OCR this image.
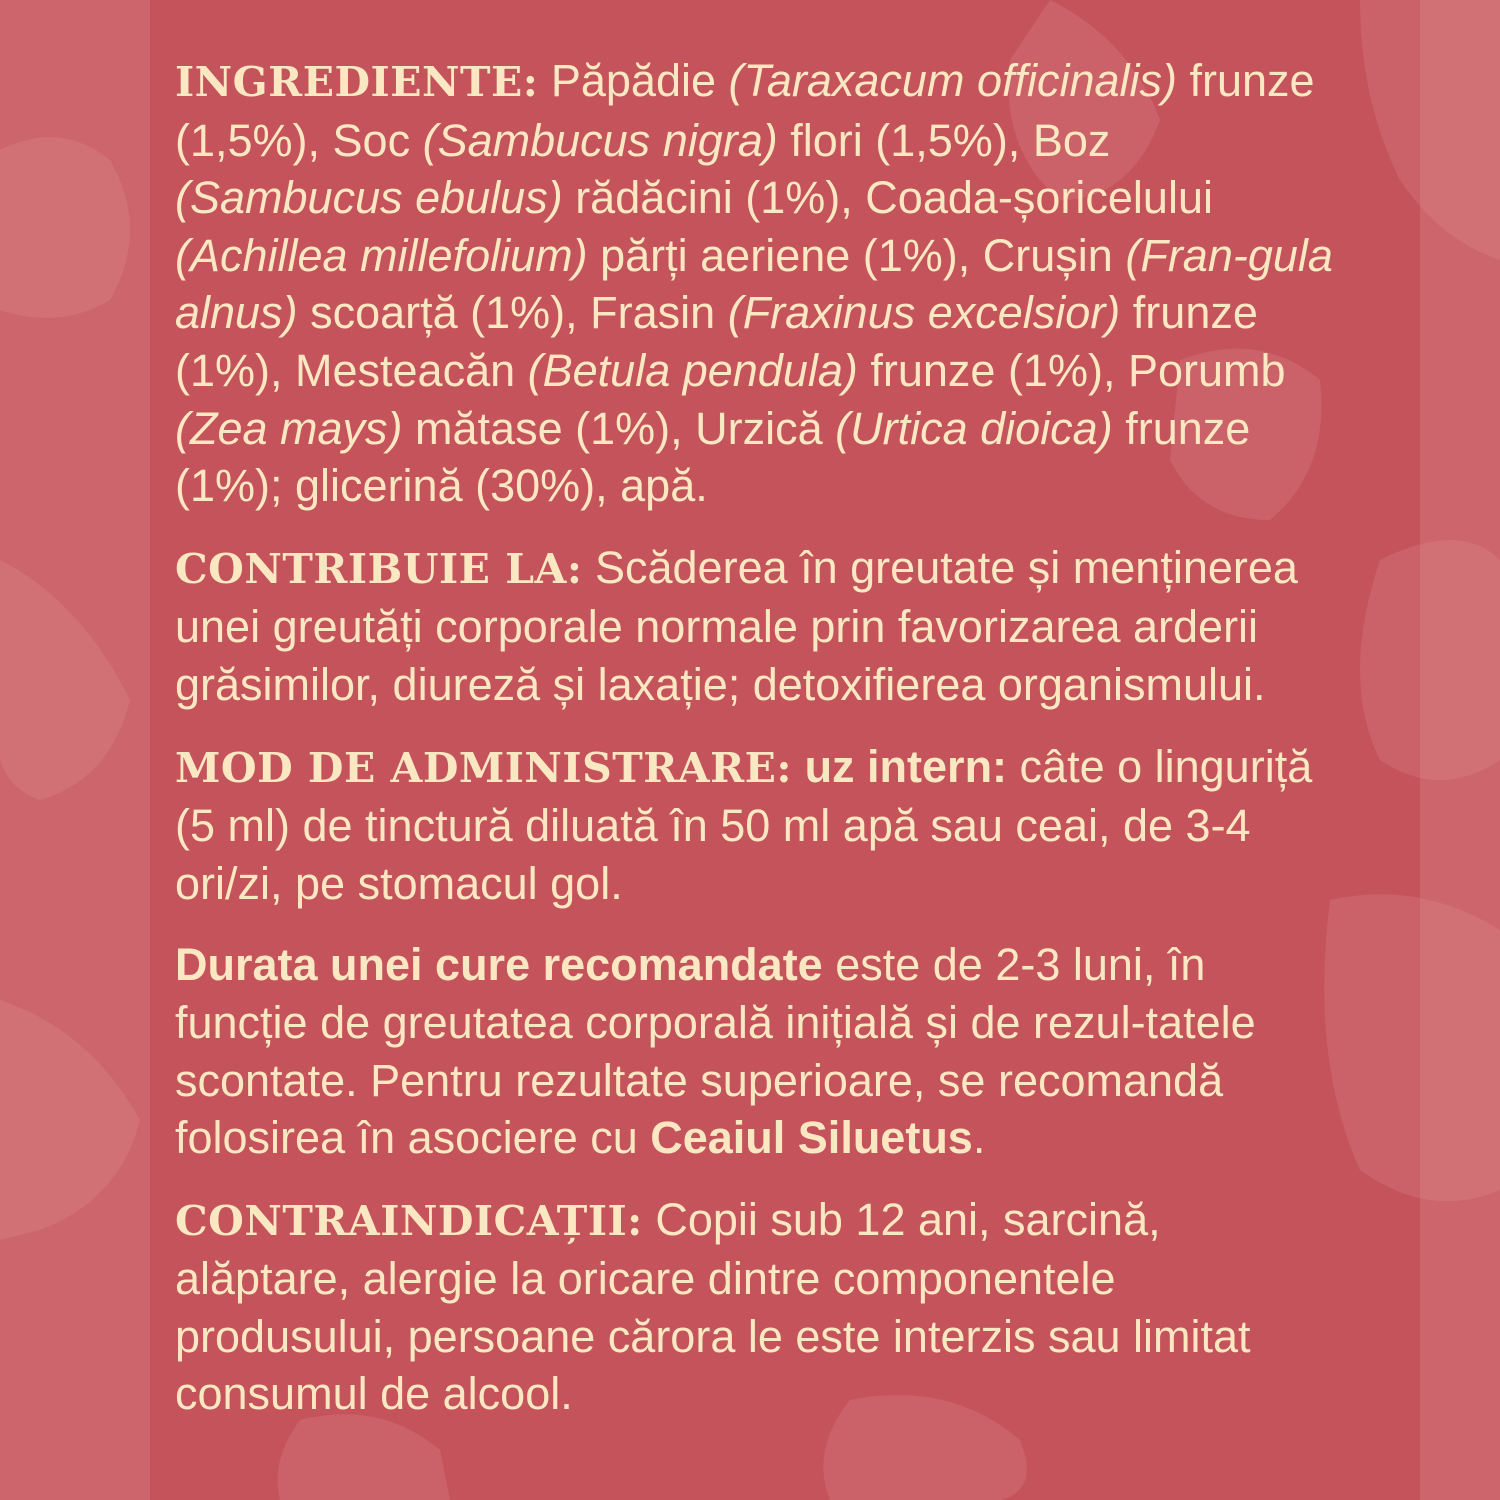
INGREDIENTE: Păpădie (Taraxacum officinalis) frunze (1,5%), Soc (Sambucus nigra) flori (1,5%), Boz (Sambucus ebulus) rădăcini (1%), Coada-șoricelului (Achillea millefolium) părți aeriene (1%), Crușin (Fran-gula alnus) scoarță (1%), Frasin (Fraxinus excelsior) frunze (1%), Mesteacăn (Betula pendula) frunze (1%), Porumb (Zea mays) mătase (1%), Urzică (Urtica dioica) frunze (1%); glicerină (30%), apă.
CONTRIBUIE LA: Scăderea în greutate și menținerea unei greutăți corporale normale prin favorizarea arderii grăsimilor, diureză și laxație; detoxifierea organismului.
MOD DE ADMINISTRARE: uz intern: câte o linguriță (5 ml) de tinctură diluată în 50 ml apă sau ceai, de 3-4 ori/zi, pe stomacul gol.
Durata unei cure recomandate este de 2-3 luni, în funcție de greutatea corporală inițială și de rezul-tatele scontate. Pentru rezultate superioare, se recomandă folosirea în asociere cu Ceaiul Siluetus.
CONTRAINDICAȚII: Copii sub 12 ani, sarcină, alăptare, alergie la oricare dintre componentele produsului, persoane cărora le este interzis sau limitat consumul de alcool.
